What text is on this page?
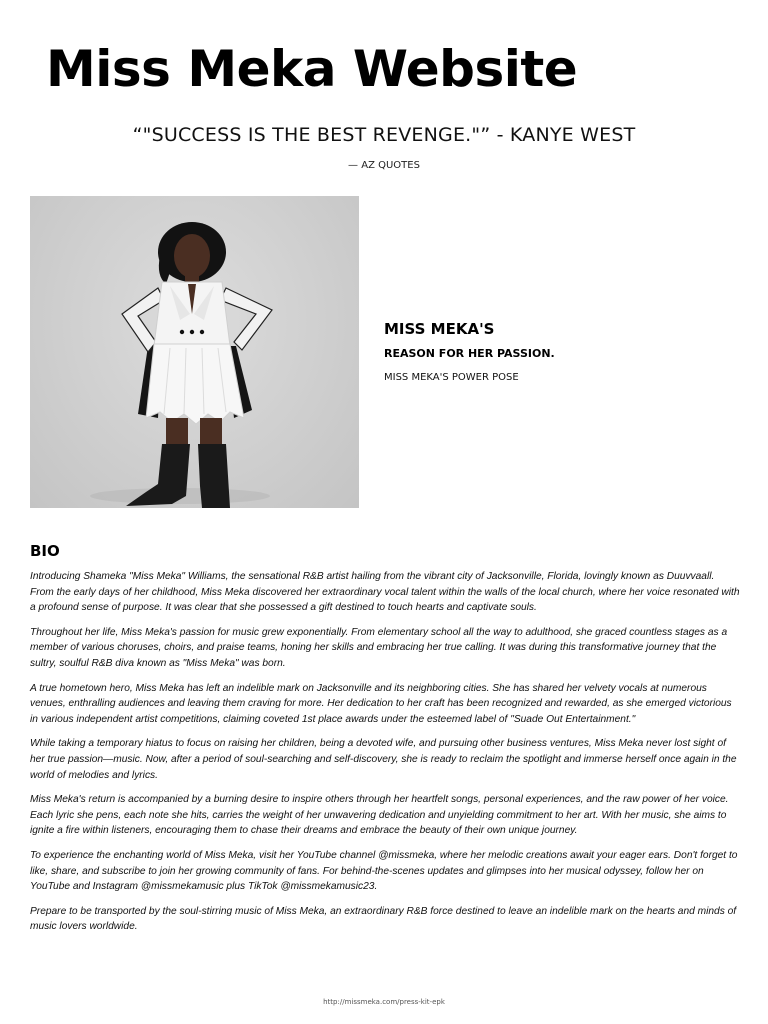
Miss Meka Website
“"SUCCESS IS THE BEST REVENGE."” - KANYE WEST
— AZ QUOTES
MISS MEKA'S
REASON FOR HER PASSION.
MISS MEKA'S POWER POSE
BIO

Introducing Shameka "Miss Meka" Williams, the sensational R&B artist hailing from the vibrant city of Jacksonville, Florida, lovingly known as Duuvvaall. From the early days of her childhood, Miss Meka discovered her extraordinary vocal talent within the walls of the local church, where her voice resonated with a profound sense of purpose. It was clear that she possessed a gift destined to touch hearts and captivate souls.

Throughout her life, Miss Meka's passion for music grew exponentially. From elementary school all the way to adulthood, she graced countless stages as a member of various choruses, choirs, and praise teams, honing her skills and embracing her true calling. It was during this transformative journey that the sultry, soulful R&B diva known as "Miss Meka" was born.

A true hometown hero, Miss Meka has left an indelible mark on Jacksonville and its neighboring cities. She has shared her velvety vocals at numerous venues, enthralling audiences and leaving them craving for more. Her dedication to her craft has been recognized and rewarded, as she emerged victorious in various independent artist competitions, claiming coveted 1st place awards under the esteemed label of "Suade Out Entertainment."

While taking a temporary hiatus to focus on raising her children, being a devoted wife, and pursuing other business ventures, Miss Meka never lost sight of her true passion—music. Now, after a period of soul-searching and self-discovery, she is ready to reclaim the spotlight and immerse herself once again in the world of melodies and lyrics.

Miss Meka's return is accompanied by a burning desire to inspire others through her heartfelt songs, personal experiences, and the raw power of her voice. Each lyric she pens, each note she hits, carries the weight of her unwavering dedication and unyielding commitment to her art. With her music, she aims to ignite a fire within listeners, encouraging them to chase their dreams and embrace the beauty of their own unique journey.

To experience the enchanting world of Miss Meka, visit her YouTube channel @missmeka, where her melodic creations await your eager ears. Don't forget to like, share, and subscribe to join her growing community of fans. For behind-the-scenes updates and glimpses into her musical odyssey, follow her on YouTube and Instagram @missmekamusic plus TikTok @missmekamusic23.

Prepare to be transported by the soul-stirring music of Miss Meka, an extraordinary R&B force destined to leave an indelible mark on the hearts and minds of music lovers worldwide.

http://missmeka.com/press-kit-epk
